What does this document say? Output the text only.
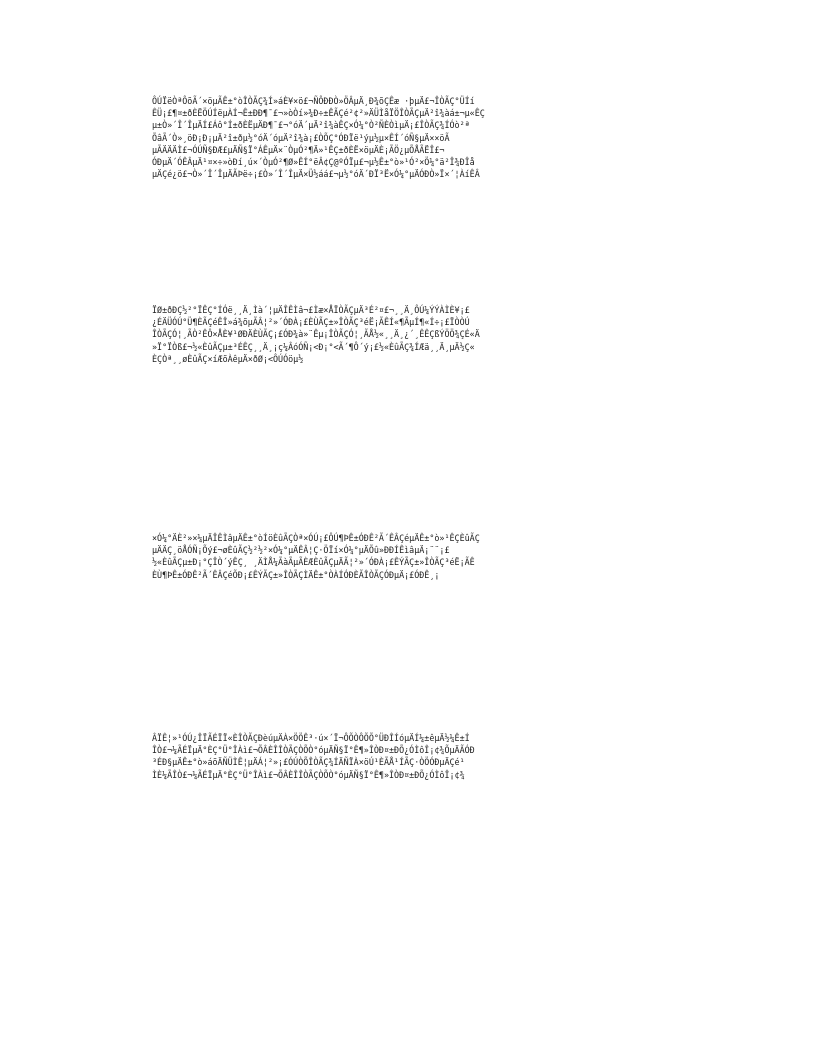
ÔÚÏëÒªÔõÃ´×öµÃÊ±°òÎÒÃÇ¾Í»áÈ¥×ö£¬ÑÔÐÐÒ»ÖÂµÄ¸Ð¾õÇÊæ ·þµÄ£¬ÎÒÃÇ°ÜÍí
ÊÜ¡£¶¤±ðÈËÖÚÍëµÀÍ¬Ê±ÐÐ¶¯£¬»òÒí»¾Ð÷±ÊÃÇé²¢²»ÄÜÌåÏÖÎÒÃÇµÄ²î¾àá±¬µ«ÊÇ
µ±Ò»´Î´ÎµÄÍ£Áô°Í±ðÈËµÄÐ¶¯£¬°óÄ´µÄ²î¾àÊÇ×Ó¼°Ò²ÑÈÒìµÄ¡£ÎÒÃÇ¾ÍÓò²ª
ÕâÃ´Ò»¸öÐ¡Ð¡µÄ²î±ðµ½°óÄ´óµÄ²î¾à¡£ÒÕÇ°ÓÐÏë¹ýµ½µ×ÊÍ´óÑ§µÄ××öÃ
µÃÄÄÄÌ£¬ÓÚÑ§ÐÆ£µÄÑ§Ï°ÁÊµÄ×¨ÒµÓ²¶Ä»¹ÊÇ±ðÈË×öµÄÈ¡ÃÖ¿µÕÅÃËÎ£¬
ÓÐµÄ´ÓÊÂµÄ¹¤×÷»òÐí¸ú×´ÒµÓ²¶Ø»ÊÍ°ëÂ¢Ç@ºÓÏµ£¬µ½Ê±°ò»¹Ó²×Ö¼°ä²Î¾ÐÎå
µÄÇé¿ö£¬Ò»´Î´ÎµÄÃÞë÷¡£Ò»´Î´ÎµÄ×Ü½áá£¬µ½°óÄ´ÐÏ³Ë×Ó¼°µÄÓÐÒ»Ï×´¦ÀíÊÂ
ÏØ±ðÐÇ½²°ÏÊÇ°ÍÓë¸¸Ä¸Ìà´¦µÄÎÊÌâ¬£Ìæ×ÅÏÒÃÇµÄ³É²¤£¬¸¸Ä¸ÔÚ¼ÝÝÀÌÈ¥¡£
¿ÉÄÜÓÚ°Ü¶ÈÃÇéÊÎ»á¾õµÃÂ¦²»´ÓÐÀ¡£ÈÙÃÇ±»ÎÒÃÇ³éË¡ÃÊÍ«¶ÃµÍ¶«Í÷¡£ÏÒÒÚ
ÎÒÃÇÓ¦¸ÃÒ²ÊÔ×ÅÈ¥¹ØÐÄÈÙÃÇ¡£ÓÐ¾à»¨Êµ¡ÎÒÃÇÓ¦¸ÃÅ½«¸¸Ä¸¿´¸ÊÊÇßÝÖÖ¾ÇÉ«Ä
»Ï°ÏÒß£¬½«ÈûÃÇµ±³ÉÊÇ¸¸Ä¸¡ç¼ÂóÓÑ¡<Ð¡°<Ã´¶Ô´ý¡£½«ÈûÃÇ¾ÍÆä¸¸Ä¸µÄ½Ç«
ÈÇÒª¸¸øÈûÃÇ×íÆõÀêµÄ×ðØ¡<ÔÚÓöµ½
×Ó¼°ÄÈ²»×¼µÄÎÊÌâµÄÊ±°òÍöÈûÃÇÒª×ÓÚ¡£ÔÚ¶ÞÊ±ÓÐÊ²Ã´ÊÂÇéµÄÊ±°ò»¹ÊÇÈûÃÇ
µÄÄÇ¸öÅÓÑ¡Õý£¬øÈûÃÇ½²½²×Ó¼°µÄÊÂ¦Ç·ÖÏí×Ó¼°µÄÕû»ÐÐÍÊìâµÄ¡¨¨¡£
½«ÈûÃÇµ±Ð¡°ÇÎÒ´ýÊÇ¸ ¸ÄÌÅ¼ÃàÃµÃÈÆÈûÃÇµÄÃ¦²»´ÓÐÀ¡£ÊÝÃÇ±»ÎÒÃÇ³éË¡ÃÊ
ÈÙ¶ÞÊ±ÓÐÊ²Ã´ÊÂÇéÕÐ¡£ÊÝÃÇ±»ÎÒÃÇÌÄÊ±°ÒÀÍÓÐÈÃÎÒÃÇÓÐµÄ¡£ÓÐÊ¸¡
ÂÏÊ¦»¹ÓÚ¿ÎÏÃÉÏÏ«ÈÎÒÃÇÐèúµÄÀ×ÖÖÊ³·ú×´Ï¬ÔÕÒÔÕÕ°ÜÐÎÍóµÄÍ¼±êµÄ½¼Ê±Í
ÎÒ£¬¼ÃÉÏµÄ°ÈÇ°Ü°ÎÀì£¬ÕÂÈÎÎÒÃÇÒÕÒ°óµÄÑ§Ï°Ê¶»ÎÒÐ¤±ÐÕ¿ÓÌôÎ¡¢¾ÕµÄÃÓÐ
³ÉÐ§µÄÊ±°ò»áõÄÑÜÌÊ¦µÄÁ¦²»¡£ÓÚÒÕÎÒÃÇ¾ÍÄÑÏÀ×öÚ¹ÈÃÅ¹ÍÃÇ·ÒÖÓÐµÄÇé¹
ÌÈ¼ÃÎÒ£¬¼ÃÉÏµÄ°ÈÇ°Ü°ÎÀì£¬ÕÂÈÎÎÒÃÇÒÕÒ°óµÄÑ§Ï°Ê¶»ÎÒÐ¤±ÐÕ¿ÓÌôÎ¡¢¾
